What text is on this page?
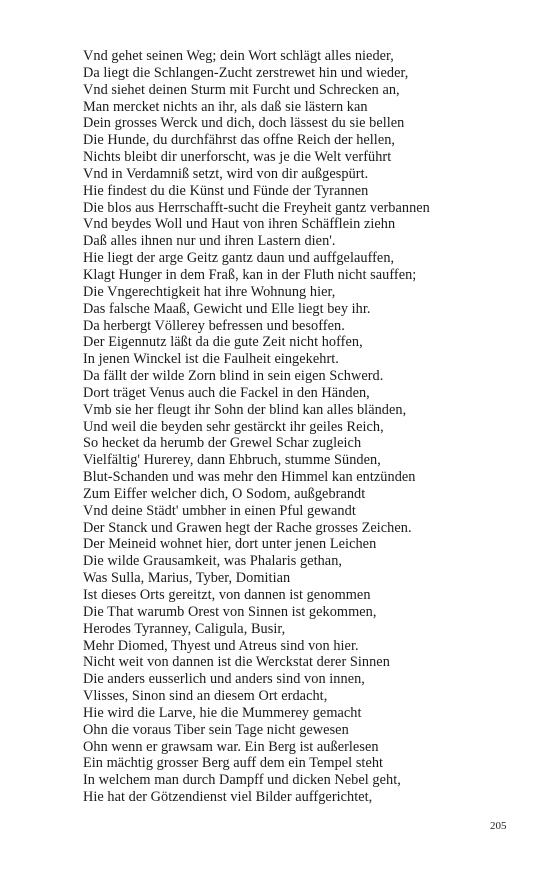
Vnd gehet seinen Weg; dein Wort schlägt alles nieder,
Da liegt die Schlangen-Zucht zerstrewet hin und wieder,
Vnd siehet deinen Sturm mit Furcht und Schrecken an,
Man mercket nichts an ihr, als daß sie lästern kan
Dein grosses Werck und dich, doch lässest du sie bellen
Die Hunde, du durchfährst das offne Reich der hellen,
Nichts bleibt dir unerforscht, was je die Welt verführt
Vnd in Verdamniß setzt, wird von dir außgespürt.
Hie findest du die Künst und Fünde der Tyrannen
Die blos aus Herrschafft-sucht die Freyheit gantz verbannen
Vnd beydes Woll und Haut von ihren Schäfflein ziehn
Daß alles ihnen nur und ihren Lastern dien'.
Hie liegt der arge Geitz gantz daun und auffgelauffen,
Klagt Hunger in dem Fraß, kan in der Fluth nicht sauffen;
Die Vngerechtigkeit hat ihre Wohnung hier,
Das falsche Maaß, Gewicht und Elle liegt bey ihr.
Da herbergt Völlerey befressen und besoffen.
Der Eigennutz läßt da die gute Zeit nicht hoffen,
In jenen Winckel ist die Faulheit eingekehrt.
Da fällt der wilde Zorn blind in sein eigen Schwerd.
Dort träget Venus auch die Fackel in den Händen,
Vmb sie her fleugt ihr Sohn der blind kan alles bländen,
Und weil die beyden sehr gestärckt ihr geiles Reich,
So hecket da herumb der Grewel Schar zugleich
Vielfältig' Hurerey, dann Ehbruch, stumme Sünden,
Blut-Schanden und was mehr den Himmel kan entzünden
Zum Eiffer welcher dich, O Sodom, außgebrandt
Vnd deine Städt' umbher in einen Pful gewandt
Der Stanck und Grawen hegt der Rache grosses Zeichen.
Der Meineid wohnet hier, dort unter jenen Leichen
Die wilde Grausamkeit, was Phalaris gethan,
Was Sulla, Marius, Tyber, Domitian
Ist dieses Orts gereitzt, von dannen ist genommen
Die That warumb Orest von Sinnen ist gekommen,
Herodes Tyranney, Caligula, Busir,
Mehr Diomed, Thyest und Atreus sind von hier.
Nicht weit von dannen ist die Werckstat derer Sinnen
Die anders eusserlich und anders sind von innen,
Vlisses, Sinon sind an diesem Ort erdacht,
Hie wird die Larve, hie die Mummerey gemacht
Ohn die voraus Tiber sein Tage nicht gewesen
Ohn wenn er grawsam war. Ein Berg ist außerlesen
Ein mächtig grosser Berg auff dem ein Tempel steht
In welchem man durch Dampff und dicken Nebel geht,
Hie hat der Götzendienst viel Bilder auffgerichtet,
205
